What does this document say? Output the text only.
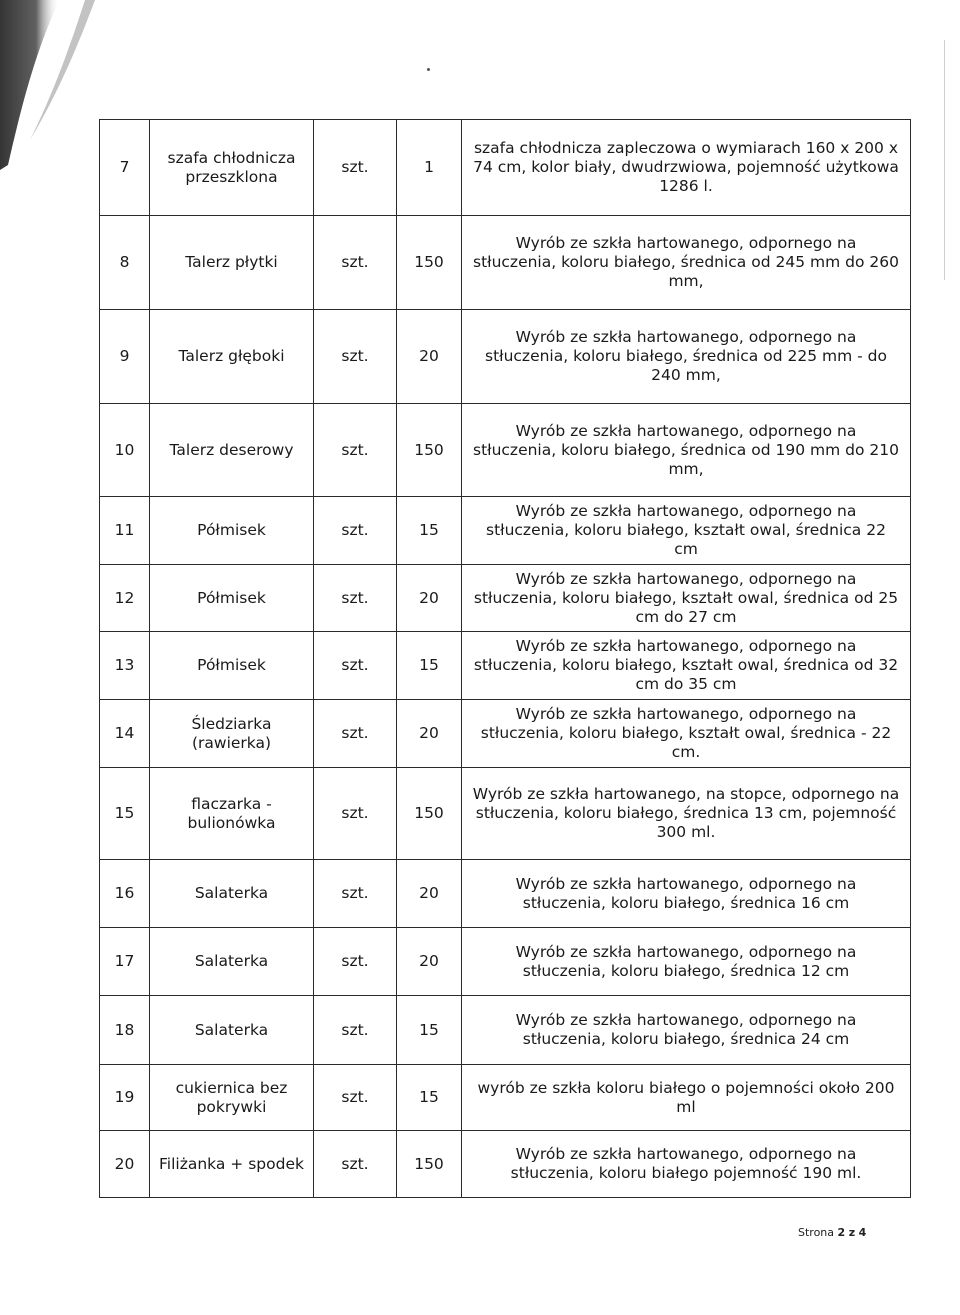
7	szafa chłodnicza przeszklona	szt.	1	szafa chłodnicza zapleczowa o wymiarach 160 x 200 x 74 cm, kolor biały, dwudrzwiowa, pojemność użytkowa 1286 l.
8	Talerz płytki	szt.	150	Wyrób ze szkła hartowanego, odpornego na stłuczenia, koloru białego, średnica od 245 mm do 260 mm,
9	Talerz głęboki	szt.	20	Wyrób ze szkła hartowanego, odpornego na stłuczenia, koloru białego, średnica od 225 mm - do 240 mm,
10	Talerz deserowy	szt.	150	Wyrób ze szkła hartowanego, odpornego na stłuczenia, koloru białego, średnica od 190 mm do 210 mm,
11	Półmisek	szt.	15	Wyrób ze szkła hartowanego, odpornego na stłuczenia, koloru białego, kształt owal, średnica 22 cm
12	Półmisek	szt.	20	Wyrób ze szkła hartowanego, odpornego na stłuczenia, koloru białego, kształt owal, średnica od 25 cm do 27 cm
13	Półmisek	szt.	15	Wyrób ze szkła hartowanego, odpornego na stłuczenia, koloru białego, kształt owal, średnica od 32 cm do 35 cm
14	Śledziarka (rawierka)	szt.	20	Wyrób ze szkła hartowanego, odpornego na stłuczenia, koloru białego, kształt owal, średnica - 22 cm.
15	flaczarka - bulionówka	szt.	150	Wyrób ze szkła hartowanego, na stopce, odpornego na stłuczenia, koloru białego, średnica 13 cm, pojemność 300 ml.
16	Salaterka	szt.	20	Wyrób ze szkła hartowanego, odpornego na stłuczenia, koloru białego, średnica 16 cm
17	Salaterka	szt.	20	Wyrób ze szkła hartowanego, odpornego na stłuczenia, koloru białego, średnica 12 cm
18	Salaterka	szt.	15	Wyrób ze szkła hartowanego, odpornego na stłuczenia, koloru białego, średnica 24 cm
19	cukiernica bez pokrywki	szt.	15	wyrób ze szkła koloru białego o pojemności około 200 ml
20	Filiżanka + spodek	szt.	150	Wyrób ze szkła hartowanego, odpornego na stłuczenia, koloru białego pojemność 190 ml.
Strona 2 z 4
